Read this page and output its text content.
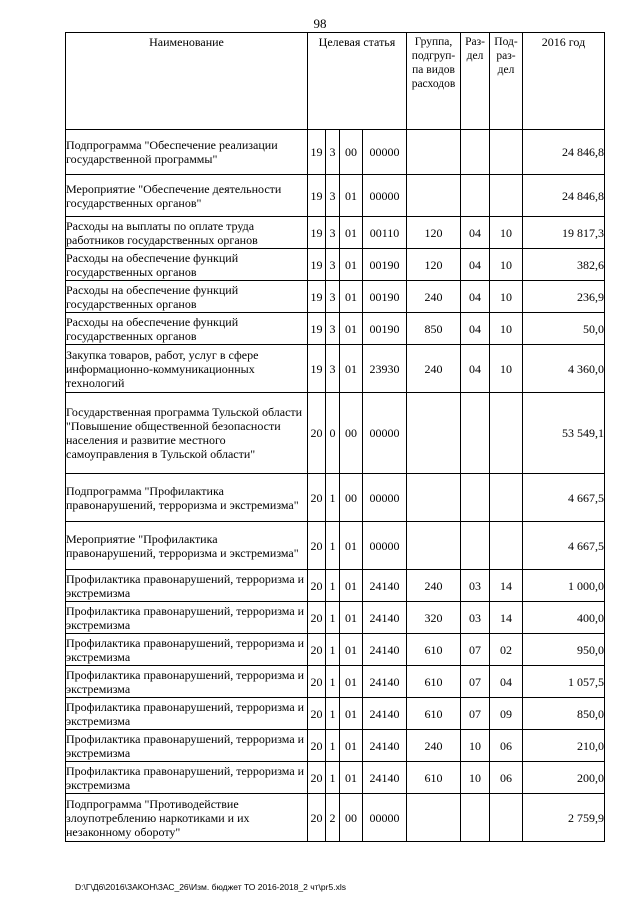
98
Наименование	Целевая статья				Группа, подгруп-па видов расходов	Раз-дел	Под-раз-дел	2016 год
Подпрограмма "Обеспечение реализации государственной программы"	19	3	00	00000				24 846,8
Мероприятие "Обеспечение деятельности государственных органов"	19	3	01	00000				24 846,8
Расходы на выплаты по оплате труда работников государственных органов	19	3	01	00110	120	04	10	19 817,3
Расходы на обеспечение функций государственных органов	19	3	01	00190	120	04	10	382,6
Расходы на обеспечение функций государственных органов	19	3	01	00190	240	04	10	236,9
Расходы на обеспечение функций государственных органов	19	3	01	00190	850	04	10	50,0
Закупка товаров, работ, услуг в сфере информационно-коммуникационных технологий	19	3	01	23930	240	04	10	4 360,0
Государственная программа Тульской области "Повышение общественной безопасности населения и развитие местного самоуправления в Тульской области"	20	0	00	00000				53 549,1
Подпрограмма "Профилактика правонарушений, терроризма и экстремизма"	20	1	00	00000				4 667,5
Мероприятие "Профилактика правонарушений, терроризма и экстремизма"	20	1	01	00000				4 667,5
Профилактика правонарушений, терроризма и экстремизма	20	1	01	24140	240	03	14	1 000,0
Профилактика правонарушений, терроризма и экстремизма	20	1	01	24140	320	03	14	400,0
Профилактика правонарушений, терроризма и экстремизма	20	1	01	24140	610	07	02	950,0
Профилактика правонарушений, терроризма и экстремизма	20	1	01	24140	610	07	04	1 057,5
Профилактика правонарушений, терроризма и экстремизма	20	1	01	24140	610	07	09	850,0
Профилактика правонарушений, терроризма и экстремизма	20	1	01	24140	240	10	06	210,0
Профилактика правонарушений, терроризма и экстремизма	20	1	01	24140	610	10	06	200,0
Подпрограмма "Противодействие злоупотреблению наркотиками и их незаконному обороту"	20	2	00	00000				2 759,9
D:\Г\Д6\2016\ЗАКОН\ЗАС_26\Изм. бюджет ТО 2016-2018_2 чт\pr5.xls
